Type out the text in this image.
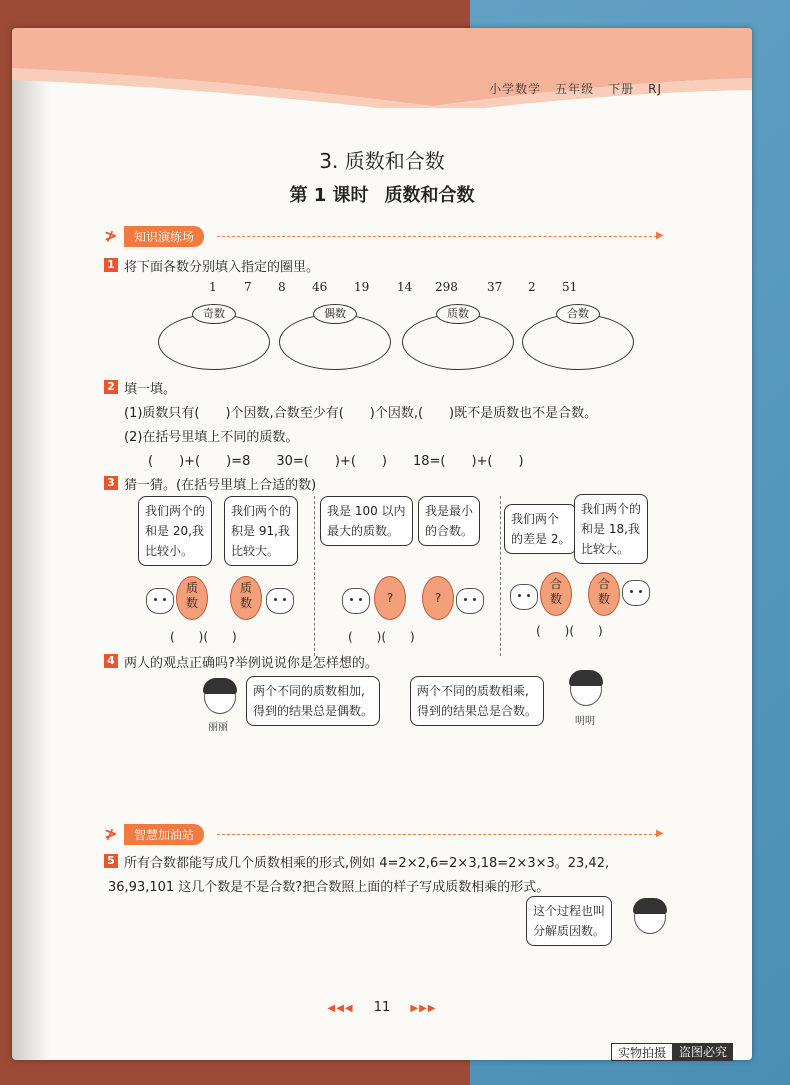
小学数学 五年级 下册 RJ
3. 质数和合数
第 1 课时 质数和合数
≯	知识演练场	▶
1 将下面各数分别填入指定的圈里。
1 7 8 46 19 14 298 37 2 51
奇数	偶数	质数	合数
2 填一填。
(1)质数只有(　　)个因数,合数至少有(　　)个因数,(　　)既不是质数也不是合数。
(2)在括号里填上不同的质数。
(　　)+(　　)=8　　30=(　　)+(　　)　　18=(　　)+(　　)
3 猜一猜。(在括号里填上合适的数)
我们两个的
和是 20,我
比较小。
我们两个的
积是 91,我
比较大。
我是 100 以内
最大的质数。
我是最小
的合数。
我们两个
的差是 2。
我们两个的
和是 18,我
比较大。
质数
质数	?	?
合数
合数
(　　)(　　)	(　　)(　　)	(　　)(　　)
4 两人的观点正确吗?举例说说你是怎样想的。
丽丽
两个不同的质数相加,
得到的结果总是偶数。
两个不同的质数相乘,
得到的结果总是合数。
明明
≯	智慧加油站	▶
5 所有合数都能写成几个质数相乘的形式,例如 4=2×2,6=2×3,18=2×3×3。23,42,
36,93,101 这几个数是不是合数?把合数照上面的样子写成质数相乘的形式。
这个过程也叫
分解质因数。
◀◀◀ 11 ▶▶▶
实物拍摄	盗图必究
